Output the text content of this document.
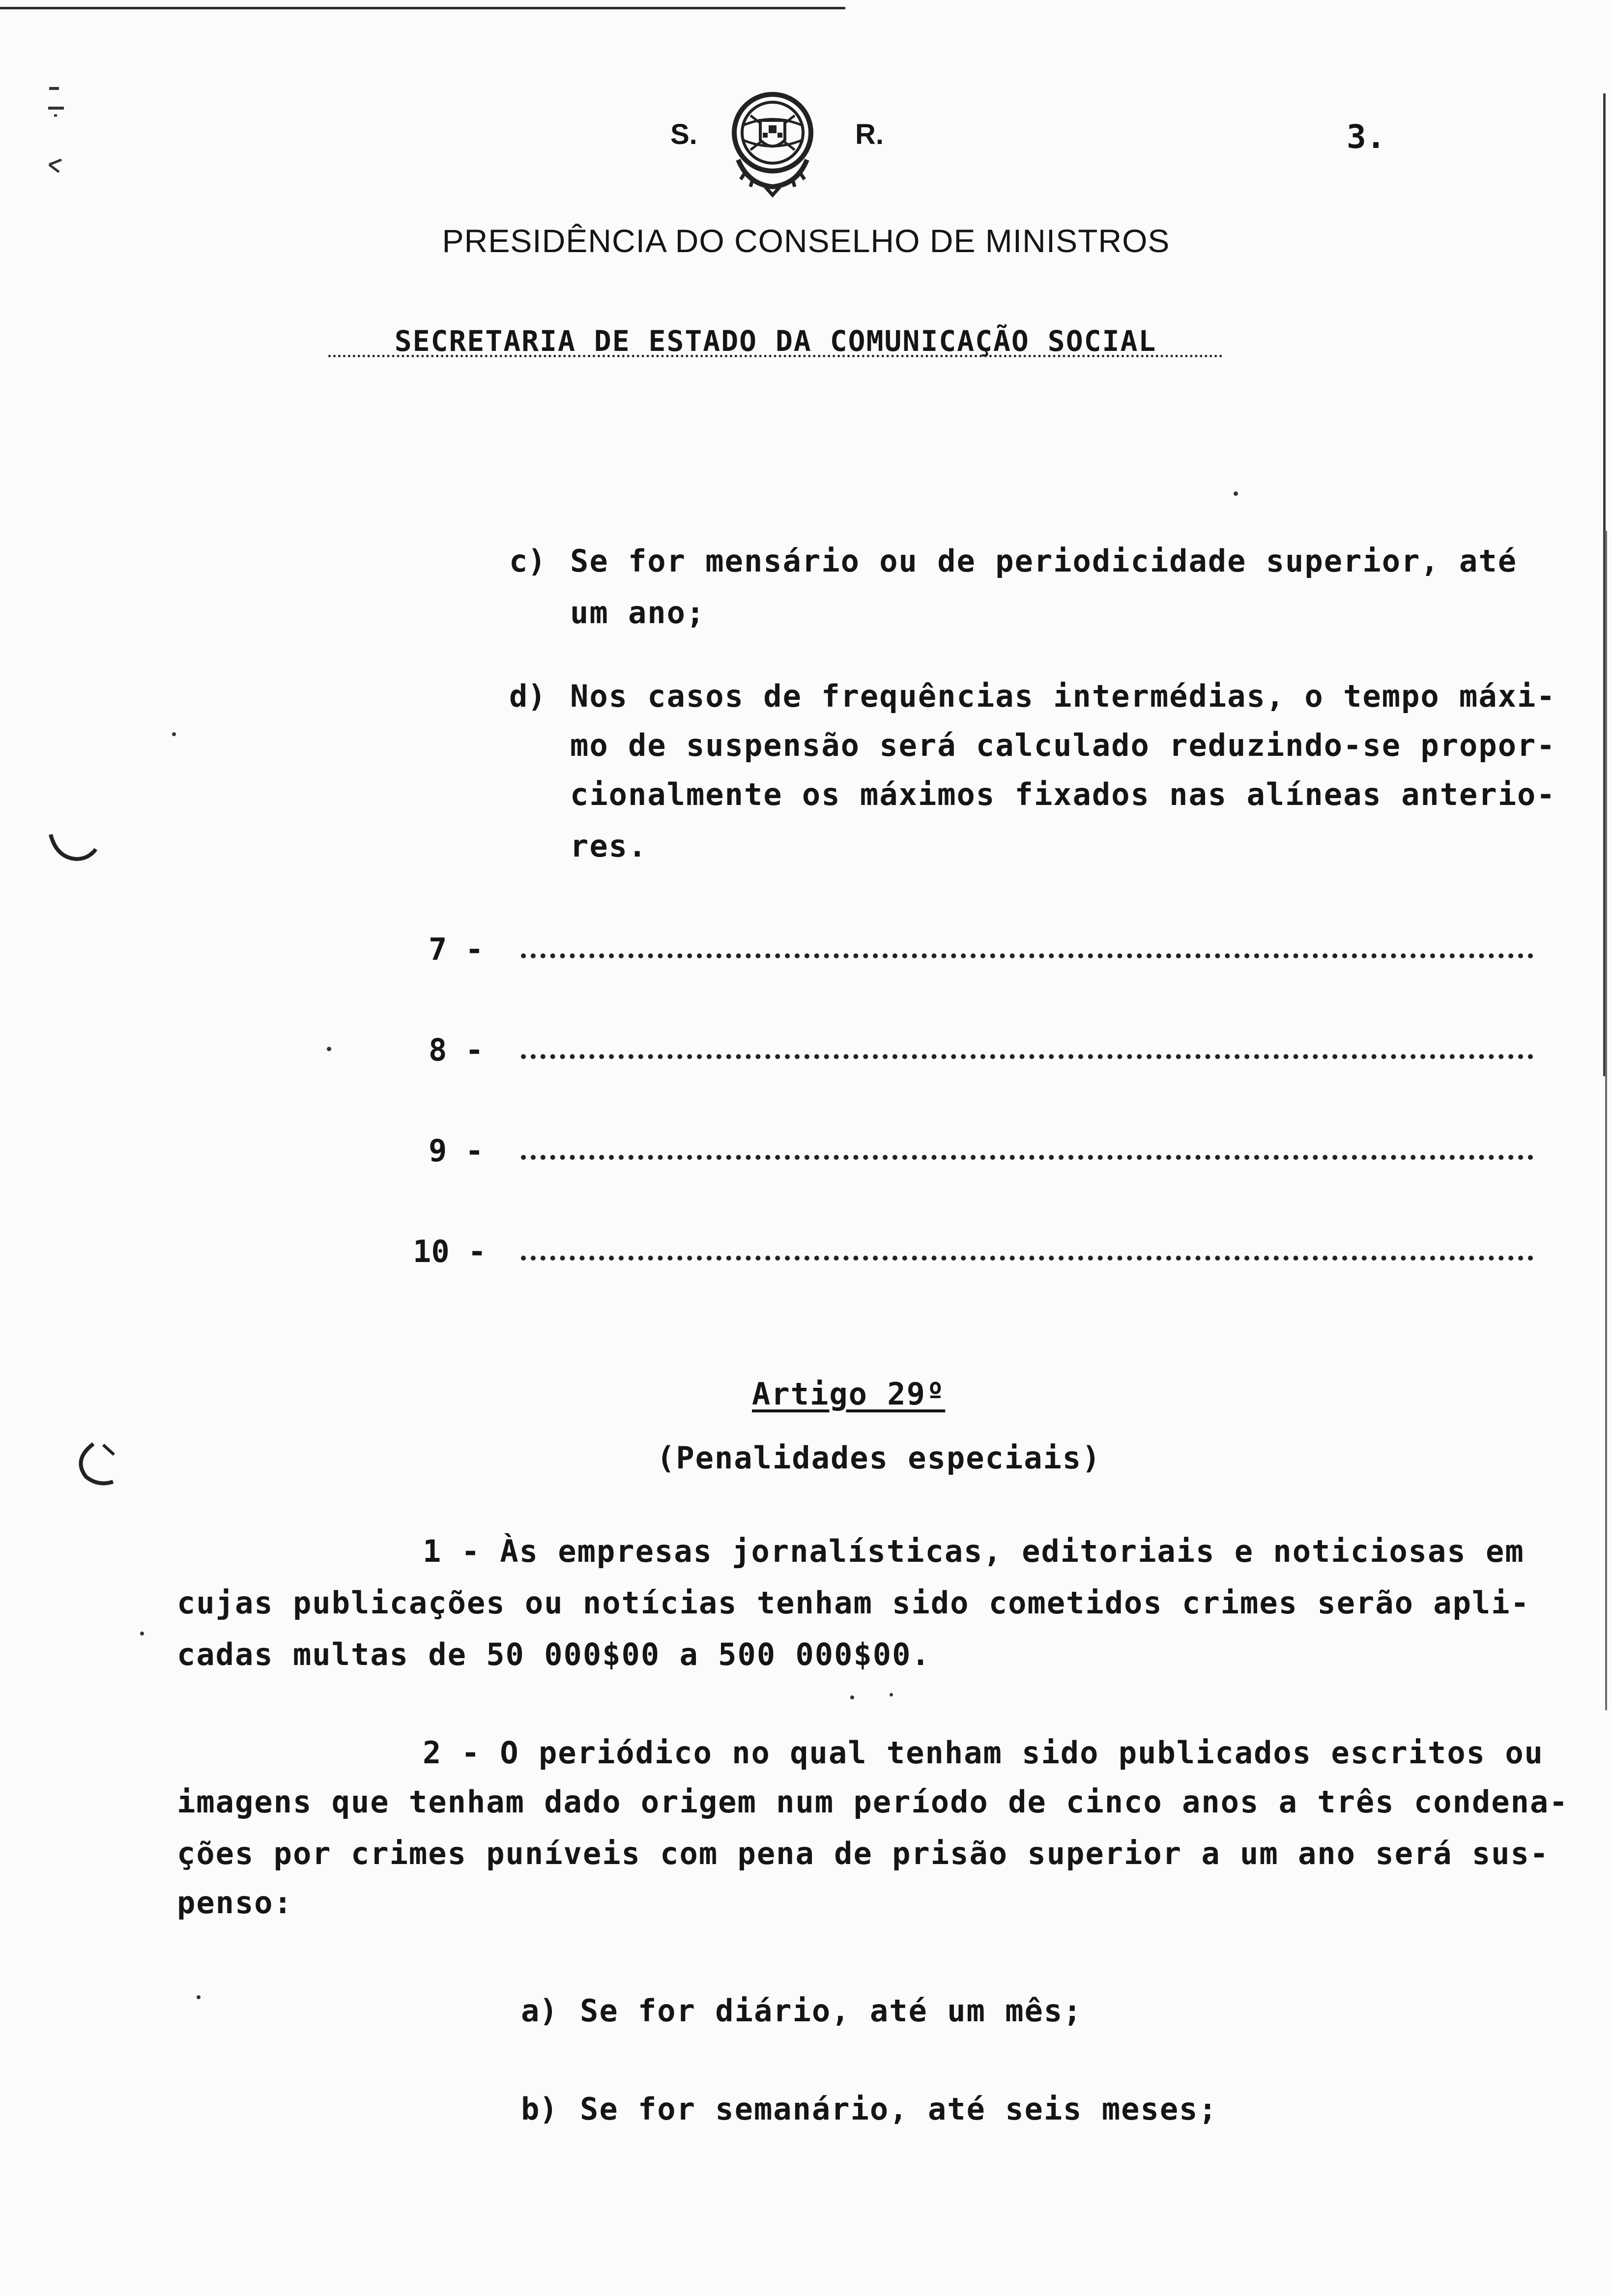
S.	R.	3.
PRESIDÊNCIA DO CONSELHO DE MINISTROS
SECRETARIA DE ESTADO DA COMUNICAÇÃO SOCIAL
c) Se for mensário ou de periodicidade superior, até
um ano;
d) Nos casos de frequências intermédias, o tempo máxi-
mo de suspensão será calculado reduzindo-se propor-
cionalmente os máximos fixados nas alíneas anterio-
res.
7 -
8 -
9 -
10 -
Artigo 29º
(Penalidades especiais)
1 - Às empresas jornalísticas, editoriais e noticiosas em
cujas publicações ou notícias tenham sido cometidos crimes serão apli-
cadas multas de 50 000$00 a 500 000$00.
2 - O periódico no qual tenham sido publicados escritos ou
imagens que tenham dado origem num período de cinco anos a três condena-
ções por crimes puníveis com pena de prisão superior a um ano será sus-
penso:
a) Se for diário, até um mês;
b) Se for semanário, até seis meses;
